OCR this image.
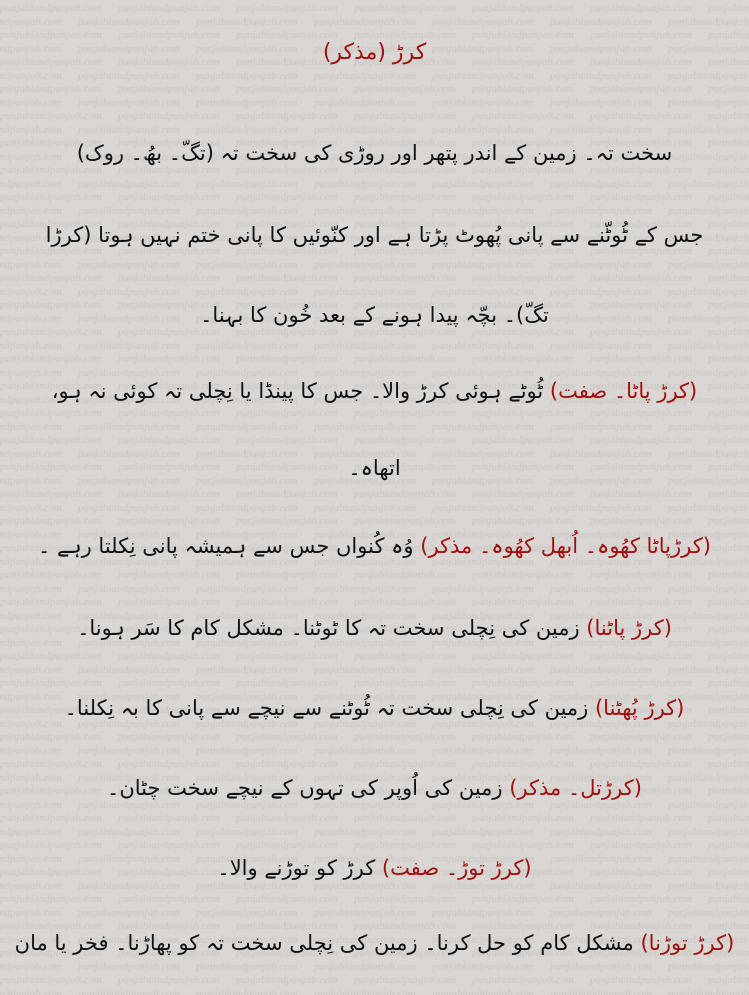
کرڑ (مذکر)
سخت تہ۔ زمین کے اندر پتھر اور روڑی کی سخت تہ (تگّ۔ بھُ۔ روک)
جس کے ٹُوٹّنے سے پانی پُھوٹ پڑتا ہے اور کنّوئیں کا پانی ختم نہیں ہوتا (کرڑا
تگّ)۔ بچّہ پیدا ہونے کے بعد خُون کا بہنا۔
(کرڑ پاٹا۔ صفت) ٹُوٹے ہوئی کرڑ والا۔ جس کا پینڈا یا نِچلی تہ کوئی نہ ہو،
اتھاہ۔
(کرڑپاٹا کھُوہ۔ اُبھل کھُوہ۔ مذکر) وُہ کُنواں جس سے ہمیشہ پانی نِکلتا رہے ۔
(کرڑ پاٹنا) زمین کی نِچلی سخت تہ کا ٹوٹنا۔ مشکل کام کا سَر ہونا۔
(کرڑ پُھٹنا) زمین کی نِچلی سخت تہ ٹُوٹنے سے نیچے سے پانی کا بہ نِکلنا۔
(کرڑتل۔ مذکر) زمین کی اُوپر کی تہوں کے نیچے سخت چٹان۔
(کرڑ توڑ۔ صفت) کرڑ کو توڑنے والا۔
(کرڑ توڑنا) مشکل کام کو حل کرنا۔ زمین کی نِچلی سخت تہ کو پھاڑنا۔ فخر یا مان
